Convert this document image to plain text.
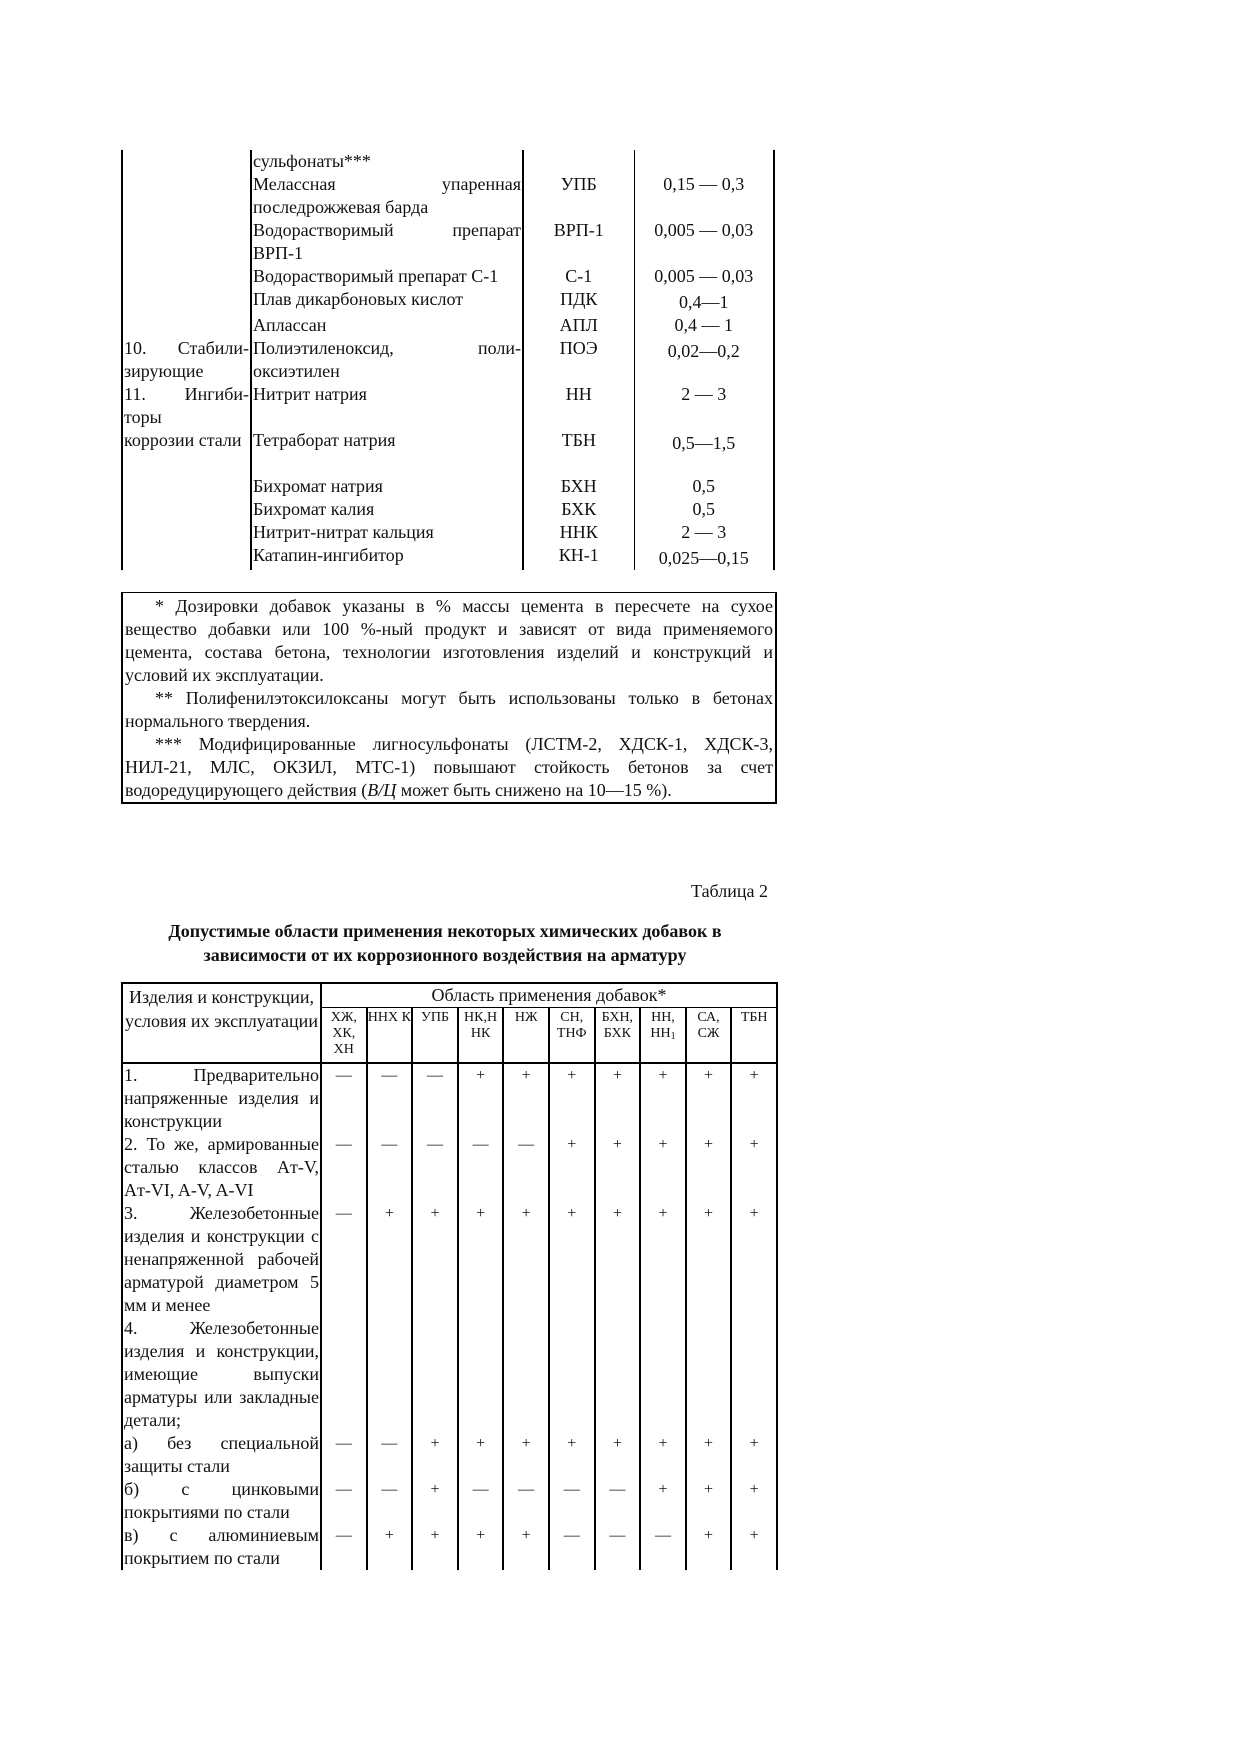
	сульфонаты***		
	Мелассная упаренная последрожжевая барда	УПБ	0,15 — 0,3
	Водорастворимый препарат ВРП-1	ВРП-1	0,005 — 0,03
	Водорастворимый препарат С-1	С-1	0,005 — 0,03
	Плав дикарбоновых кислот	ПДК	0,4—1
	Аплассан	АПЛ	0,4 — 1
10. Стабили-зирующие	Полиэтиленоксид, поли-оксиэтилен	ПОЭ	0,02—0,2
11. Ингиби-торы	Нитрит натрия	НН	2 — 3
коррозии стали	Тетраборат натрия	ТБН	0,5—1,5
	Бихромат натрия	БХН	0,5
	Бихромат калия	БХК	0,5
	Нитрит-нитрат кальция	ННК	2 — 3
	Катапин-ингибитор	КН-1	0,025—0,15

* Дозировки добавок указаны в % массы цемента в пересчете на сухое вещество добавки или 100 %-ный продукт и зависят от вида применяемого цемента, состава бетона, технологии изготовления изделий и конструкций и условий их эксплуатации.

** Полифенилэтоксилоксаны могут быть использованы только в бетонах нормального твердения.

*** Модифицированные лигносульфонаты (ЛСТМ-2, ХДСК-1, ХДСК-3, НИЛ-21, МЛС, ОКЗИЛ, МТС-1) повышают стойкость бетонов за счет водоредуцирующего действия (В/Ц может быть снижено на 10—15 %).

Таблица 2
Допустимые области применения некоторых химических добавок в зависимости от их коррозионного воздействия на арматуру
Изделия и конструкции, условия их эксплуатации	Область применения добавок*									
	ХЖ, ХК, ХН	ННХ К	УПБ	НК,Н НК	НЖ	СН, ТНФ	БХН, БХК	НН, $НН_1$	СА, СЖ	ТБН
1. Предварительно напряженные изделия и конструкции	—	—	—	+	+	+	+	+	+	+
2. То же, армированные сталью классов Aт-V, Aт-VI, A-V, A-VI	—	—	—	—	—	+	+	+	+	+
3. Железобетонные изделия и конструкции с ненапряженной рабочей арматурой диаметром 5 мм и менее	—	+	+	+	+	+	+	+	+	+
4. Железобетонные изделия и конструкции, имеющие выпуски арматуры или закладные детали;										
а) без специальной защиты стали	—	—	+	+	+	+	+	+	+	+
б) с цинковыми покрытиями по стали	—	—	+	—	—	—	—	+	+	+
в) с алюминиевым покрытием по стали	—	+	+	+	+	—	—	—	+	+
